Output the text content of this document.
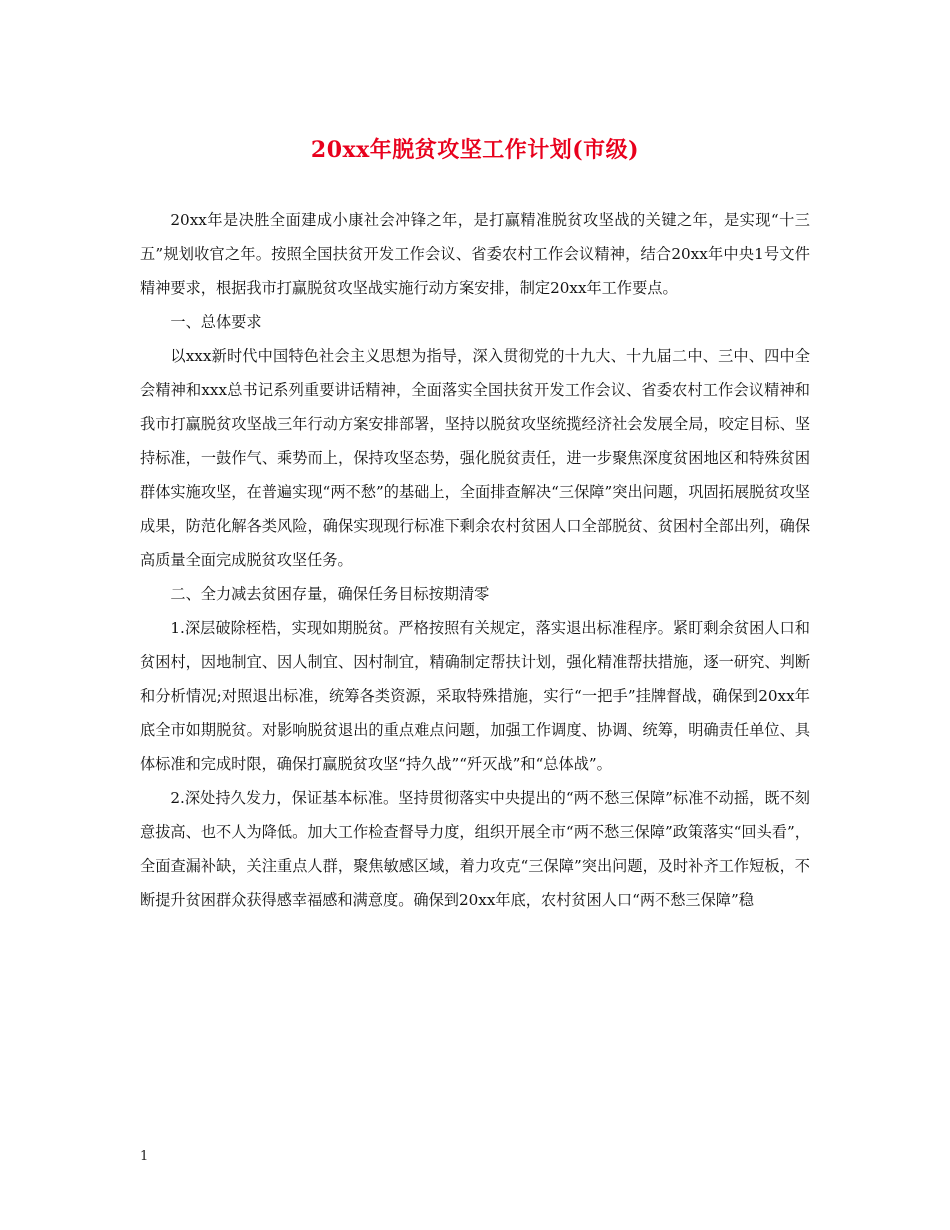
20xx年脱贫攻坚工作计划(市级)

20xx年是决胜全面建成小康社会冲锋之年，是打赢精准脱贫攻坚战的关键之年，是实现“十三五”规划收官之年。按照全国扶贫开发工作会议、省委农村工作会议精神，结合20xx年中央1号文件精神要求，根据我市打赢脱贫攻坚战实施行动方案安排，制定20xx年工作要点。

一、总体要求

以xxx新时代中国特色社会主义思想为指导，深入贯彻党的十九大、十九届二中、三中、四中全会精神和xxx总书记系列重要讲话精神，全面落实全国扶贫开发工作会议、省委农村工作会议精神和我市打赢脱贫攻坚战三年行动方案安排部署，坚持以脱贫攻坚统揽经济社会发展全局，咬定目标、坚持标准，一鼓作气、乘势而上，保持攻坚态势，强化脱贫责任，进一步聚焦深度贫困地区和特殊贫困群体实施攻坚，在普遍实现“两不愁”的基础上，全面排查解决“三保障”突出问题，巩固拓展脱贫攻坚成果，防范化解各类风险，确保实现现行标准下剩余农村贫困人口全部脱贫、贫困村全部出列，确保高质量全面完成脱贫攻坚任务。

二、全力减去贫困存量，确保任务目标按期清零

1.深层破除桎梏，实现如期脱贫。严格按照有关规定，落实退出标准程序。紧盯剩余贫困人口和贫困村，因地制宜、因人制宜、因村制宜，精确制定帮扶计划，强化精准帮扶措施，逐一研究、判断和分析情况;对照退出标准，统筹各类资源，采取特殊措施，实行“一把手”挂牌督战，确保到20xx年底全市如期脱贫。对影响脱贫退出的重点难点问题，加强工作调度、协调、统筹，明确责任单位、具体标准和完成时限，确保打赢脱贫攻坚“持久战”“歼灭战”和“总体战”。

2.深处持久发力，保证基本标准。坚持贯彻落实中央提出的“两不愁三保障”标准不动摇，既不刻意拔高、也不人为降低。加大工作检查督导力度，组织开展全市“两不愁三保障”政策落实“回头看”，全面查漏补缺，关注重点人群，聚焦敏感区域，着力攻克“三保障”突出问题，及时补齐工作短板，不断提升贫困群众获得感幸福感和满意度。确保到20xx年底，农村贫困人口“两不愁三保障”稳

1
